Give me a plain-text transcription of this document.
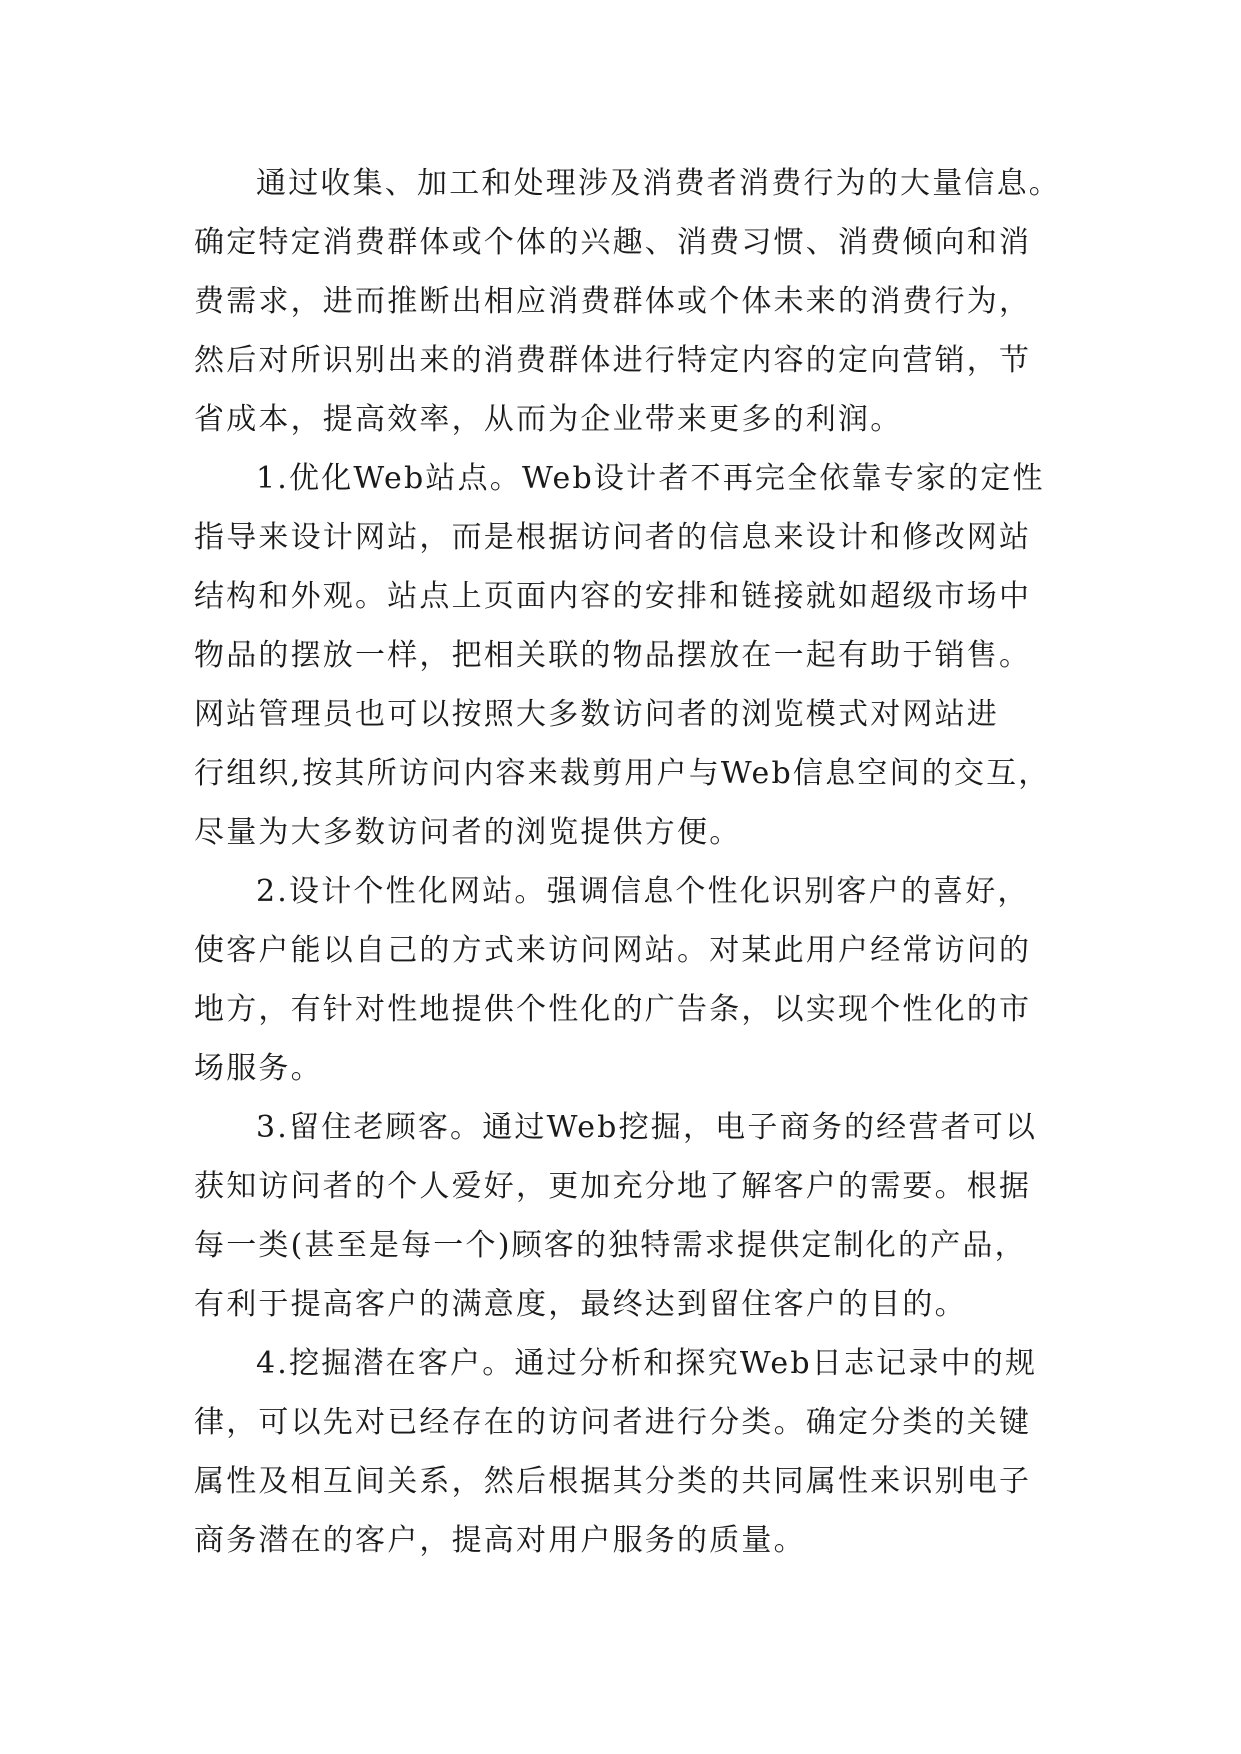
通过收集、加工和处理涉及消费者消费行为的大量信息。
确定特定消费群体或个体的兴趣、消费习惯、消费倾向和消
费需求，进而推断出相应消费群体或个体未来的消费行为，
然后对所识别出来的消费群体进行特定内容的定向营销，节
省成本，提高效率，从而为企业带来更多的利润。
1.优化Web站点。Web设计者不再完全依靠专家的定性
指导来设计网站，而是根据访问者的信息来设计和修改网站
结构和外观。站点上页面内容的安排和链接就如超级市场中
物品的摆放一样，把相关联的物品摆放在一起有助于销售。
网站管理员也可以按照大多数访问者的浏览模式对网站进
行组织,按其所访问内容来裁剪用户与Web信息空间的交互，
尽量为大多数访问者的浏览提供方便。
2.设计个性化网站。强调信息个性化识别客户的喜好，
使客户能以自己的方式来访问网站。对某此用户经常访问的
地方，有针对性地提供个性化的广告条，以实现个性化的市
场服务。
3.留住老顾客。通过Web挖掘，电子商务的经营者可以
获知访问者的个人爱好，更加充分地了解客户的需要。根据
每一类(甚至是每一个)顾客的独特需求提供定制化的产品，
有利于提高客户的满意度，最终达到留住客户的目的。
4.挖掘潜在客户。通过分析和探究Web日志记录中的规
律，可以先对已经存在的访问者进行分类。确定分类的关键
属性及相互间关系，然后根据其分类的共同属性来识别电子
商务潜在的客户，提高对用户服务的质量。
